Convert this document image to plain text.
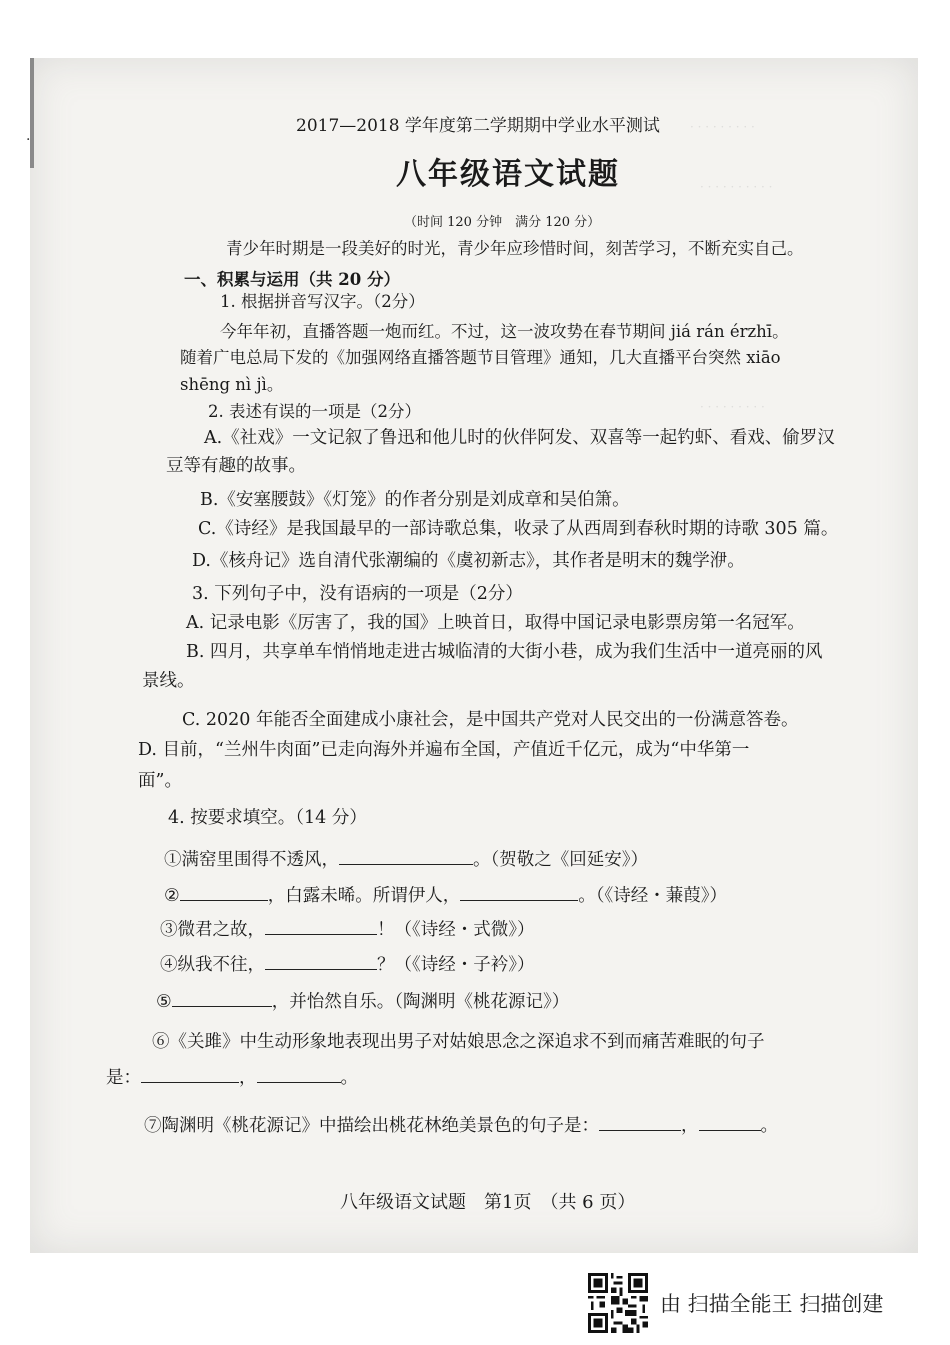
.
· · · · · · · · ·
· · · · · · · · · ·
· · · · · · · · ·
2017—2018 学年度第二学期期中学业水平测试
八年级语文试题
（时间 120 分钟　满分 120 分）
青少年时期是一段美好的时光，青少年应珍惜时间，刻苦学习，不断充实自己。
一、积累与运用（共 20 分）
1. 根据拼音写汉字。（2分）
今年年初，直播答题一炮而红。不过，这一波攻势在春节期间 jiá rán érzhī。
随着广电总局下发的《加强网络直播答题节目管理》通知，几大直播平台突然 xiāo
shēng nì jì。
2. 表述有误的一项是（2分）
A.《社戏》一文记叙了鲁迅和他儿时的伙伴阿发、双喜等一起钓虾、看戏、偷罗汉
豆等有趣的故事。
B.《安塞腰鼓》《灯笼》的作者分别是刘成章和吴伯箫。
C.《诗经》是我国最早的一部诗歌总集，收录了从西周到春秋时期的诗歌 305 篇。
D.《核舟记》选自清代张潮编的《虞初新志》，其作者是明末的魏学洢。
3. 下列句子中，没有语病的一项是（2分）
A. 记录电影《厉害了，我的国》上映首日，取得中国记录电影票房第一名冠军。
B. 四月，共享单车悄悄地走进古城临清的大街小巷，成为我们生活中一道亮丽的风
景线。
C. 2020 年能否全面建成小康社会，是中国共产党对人民交出的一份满意答卷。
D. 目前，“兰州牛肉面”已走向海外并遍布全国，产值近千亿元，成为“中华第一
面”。
4. 按要求填空。（14 分）
①满窑里围得不透风，	。（贺敬之《回延安》）
②	，白露未晞。所谓伊人，	。（《诗经・蒹葭》）
③微君之故，	！（《诗经・式微》）
④纵我不往，	？（《诗经・子衿》）
⑤	，并怡然自乐。（陶渊明《桃花源记》）
⑥《关雎》中生动形象地表现出男子对姑娘思念之深追求不到而痛苦难眠的句子
是：	，	。
⑦陶渊明《桃花源记》中描绘出桃花林绝美景色的句子是：	，	。
八年级语文试题　第1页　（共 6 页）
由 扫描全能王 扫描创建
